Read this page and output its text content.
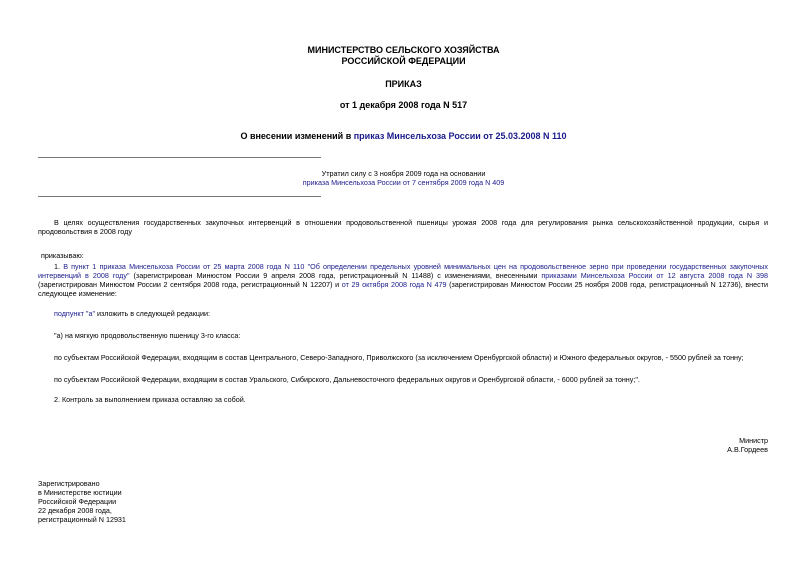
МИНИСТЕРСТВО СЕЛЬСКОГО ХОЗЯЙСТВА
РОССИЙСКОЙ ФЕДЕРАЦИИ
ПРИКАЗ
от 1 декабря 2008 года N 517
О внесении изменений в приказ Минсельхоза России от 25.03.2008 N 110
Утратил силу с 3 ноября 2009 года на основании
приказа Минсельхоза России от 7 сентября 2009 года N 409
В целях осуществления государственных закупочных интервенций в отношении продовольственной пшеницы урожая 2008 года для регулирования рынка сельскохозяйственной продукции, сырья и продовольствия в 2008 году
приказываю:
1. В пункт 1 приказа Минсельхоза России от 25 марта 2008 года N 110 "Об определении предельных уровней минимальных цен на продовольственное зерно при проведении государственных закупочных интервенций в 2008 году" (зарегистрирован Минюстом России 9 апреля 2008 года, регистрационный N 11488) с изменениями, внесенными приказами Минсельхоза России от 12 августа 2008 года N 398 (зарегистрирован Минюстом России 2 сентября 2008 года, регистрационный N 12207) и от 29 октября 2008 года N 479 (зарегистрирован Минюстом России 25 ноября 2008 года, регистрационный N 12736), внести следующее изменение:
подпункт "а" изложить в следующей редакции:
"а) на мягкую продовольственную пшеницу 3-го класса:
по субъектам Российской Федерации, входящим в состав Центрального, Северо-Западного, Приволжского (за исключением Оренбургской области) и Южного федеральных округов, - 5500 рублей за тонну;
по субъектам Российской Федерации, входящим в состав Уральского, Сибирского, Дальневосточного федеральных округов и Оренбургской области, - 6000 рублей за тонну;".
2. Контроль за выполнением приказа оставляю за собой.
Министр
А.В.Гордеев
Зарегистрировано
в Министерстве юстиции
Российской Федерации
22 декабря 2008 года,
регистрационный N 12931
